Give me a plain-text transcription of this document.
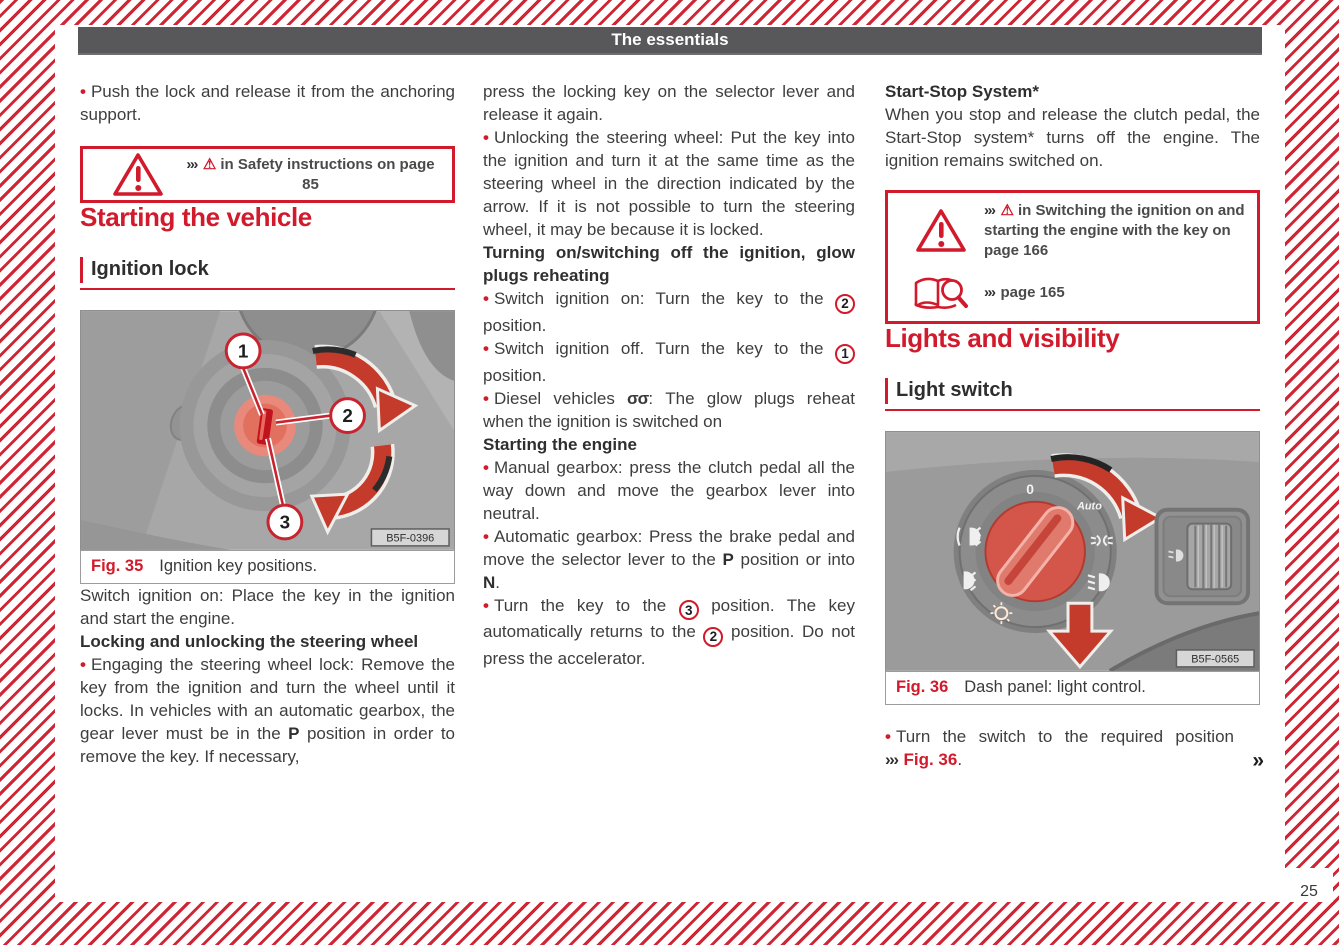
The essentials

• Push the lock and release it from the anchoring support.

››› ⚠ in Safety instructions on page 85
Starting the vehicle
Ignition lock
1
2
3
B5F-0396
Fig. 35 Ignition key positions.

Switch ignition on: Place the key in the ignition and start the engine.

Locking and unlocking the steering wheel

• Engaging the steering wheel lock: Remove the key from the ignition and turn the wheel until it locks. In vehicles with an automatic gearbox, the gear lever must be in the P position in order to remove the key. If necessary,

press the locking key on the selector lever and release it again.

• Unlocking the steering wheel: Put the key into the ignition and turn it at the same time as the steering wheel in the direction indicated by the arrow. If it is not possible to turn the steering wheel, it may be because it is locked.

Turning on/switching off the ignition, glow plugs reheating

• Switch ignition on: Turn the key to the 2 position.

• Switch ignition off. Turn the key to the 1 position.

• Diesel vehicles σσ: The glow plugs reheat when the ignition is switched on

Starting the engine

• Manual gearbox: press the clutch pedal all the way down and move the gearbox lever into neutral.

• Automatic gearbox: Press the brake pedal and move the selector lever to the P position or into N.

• Turn the key to the 3 position. The key automatically returns to the 2 position. Do not press the accelerator.

Start-Stop System*

When you stop and release the clutch pedal, the Start-Stop system* turns off the engine. The ignition remains switched on.

››› ⚠ in Switching the ignition on and starting the engine with the key on page 166
››› page 165
Lights and visibility
Light switch
0
Auto
B5F-0565
Fig. 36 Dash panel: light control.

• Turn the switch to the required position ››› Fig. 36.	»
25
